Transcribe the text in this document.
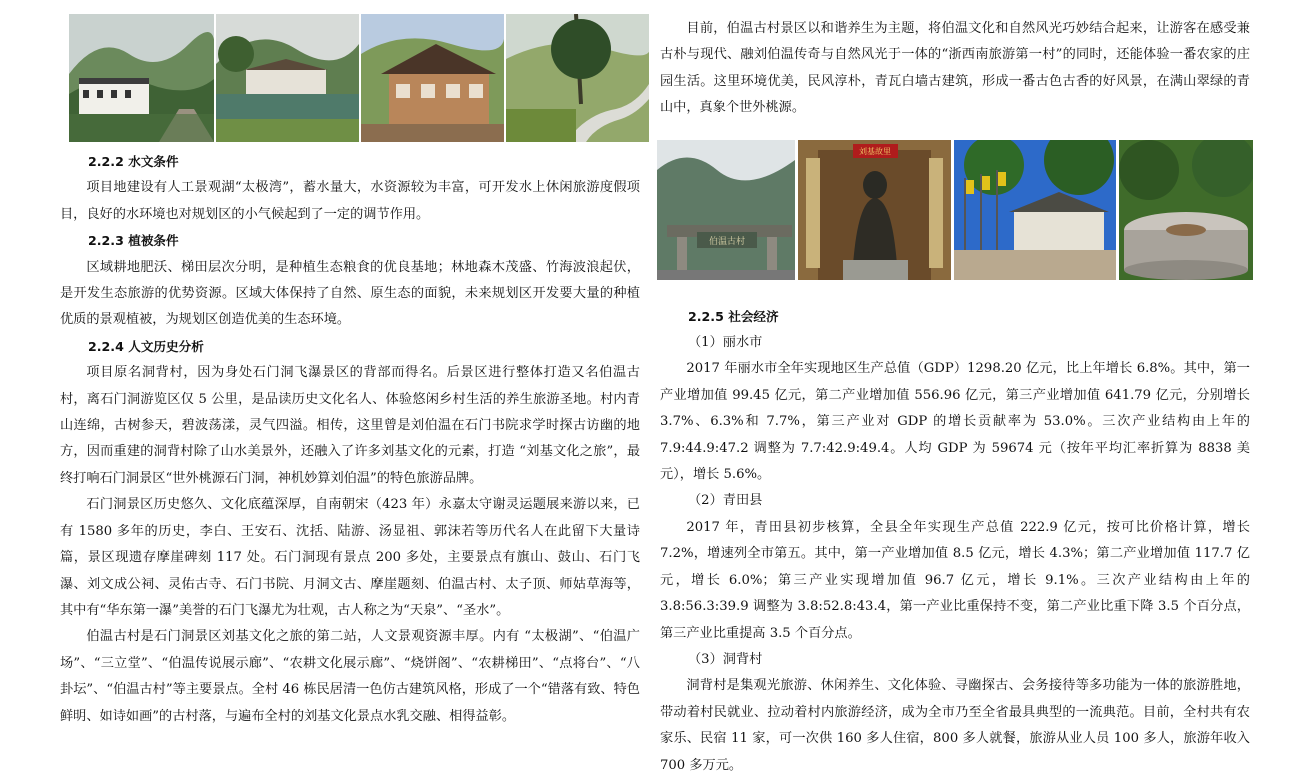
2.2.2 水文条件

项目地建设有人工景观湖“太极湾”，蓄水量大，水资源较为丰富，可开发水上休闲旅游度假项目，良好的水环境也对规划区的小气候起到了一定的调节作用。

2.2.3 植被条件

区域耕地肥沃、梯田层次分明，是种植生态粮食的优良基地；林地森木茂盛、竹海波浪起伏，是开发生态旅游的优势资源。区域大体保持了自然、原生态的面貌，未来规划区开发要大量的种植优质的景观植被，为规划区创造优美的生态环境。

2.2.4 人文历史分析

项目原名洞背村，因为身处石门洞飞瀑景区的背部而得名。后景区进行整体打造又名伯温古村，离石门洞游览区仅 5 公里，是品读历史文化名人、体验悠闲乡村生活的养生旅游圣地。村内青山连绵，古树参天，碧波荡漾，灵气四溢。相传，这里曾是刘伯温在石门书院求学时探古访幽的地方，因而重建的洞背村除了山水美景外，还融入了许多刘基文化的元素，打造 “刘基文化之旅”，最终打响石门洞景区“世外桃源石门洞，神机妙算刘伯温”的特色旅游品牌。

石门洞景区历史悠久、文化底蕴深厚，自南朝宋（423 年）永嘉太守谢灵运题展来游以来，已有 1580 多年的历史，李白、王安石、沈括、陆游、汤显祖、郭沫若等历代名人在此留下大量诗篇，景区现遗存摩崖碑刻 117 处。石门洞现有景点 200 多处，主要景点有旗山、鼓山、石门飞瀑、刘文成公祠、灵佑古寺、石门书院、月洞文古、摩崖题刻、伯温古村、太子顶、师姑草海等，其中有“华东第一瀑”美誉的石门飞瀑尤为壮观，古人称之为“天泉”、“圣水”。

伯温古村是石门洞景区刘基文化之旅的第二站，人文景观资源丰厚。内有 “太极湖”、“伯温广场”、“三立堂”、“伯温传说展示廊”、“农耕文化展示廊”、“烧饼阁”、“农耕梯田”、“点将台”、“八卦坛”、“伯温古村”等主要景点。全村 46 栋民居清一色仿古建筑风格，形成了一个“错落有致、特色鲜明、如诗如画”的古村落，与遍布全村的刘基文化景点水乳交融、相得益彰。

目前，伯温古村景区以和谐养生为主题，将伯温文化和自然风光巧妙结合起来，让游客在感受兼古朴与现代、融刘伯温传奇与自然风光于一体的“浙西南旅游第一村”的同时，还能体验一番农家的庄园生活。这里环境优美，民风淳朴，青瓦白墙古建筑，形成一番古色古香的好风景，在满山翠绿的青山中，真象个世外桃源。

伯温古村
刘基故里

2.2.5 社会经济

（1）丽水市

2017 年丽水市全年实现地区生产总值（GDP）1298.20 亿元，比上年增长 6.8%。其中，第一产业增加值 99.45 亿元，第二产业增加值 556.96 亿元，第三产业增加值 641.79 亿元，分别增长 3.7%、6.3%和 7.7%，第三产业对 GDP 的增长贡献率为 53.0%。三次产业结构由上年的 7.9:44.9:47.2 调整为 7.7:42.9:49.4。人均 GDP 为 59674 元（按年平均汇率折算为 8838 美元），增长 5.6%。

（2）青田县

2017 年，青田县初步核算，全县全年实现生产总值 222.9 亿元，按可比价格计算，增长 7.2%，增速列全市第五。其中，第一产业增加值 8.5 亿元，增长 4.3%；第二产业增加值 117.7 亿元，增长 6.0%；第三产业实现增加值 96.7 亿元，增长 9.1%。三次产业结构由上年的 3.8:56.3:39.9 调整为 3.8:52.8:43.4，第一产业比重保持不变，第二产业比重下降 3.5 个百分点，第三产业比重提高 3.5 个百分点。

（3）洞背村

洞背村是集观光旅游、休闲养生、文化体验、寻幽探古、会务接待等多功能为一体的旅游胜地，带动着村民就业、拉动着村内旅游经济，成为全市乃至全省最具典型的一流典范。目前，全村共有农家乐、民宿 11 家，可一次供 160 多人住宿，800 多人就餐，旅游从业人员 100 多人，旅游年收入 700 多万元。
